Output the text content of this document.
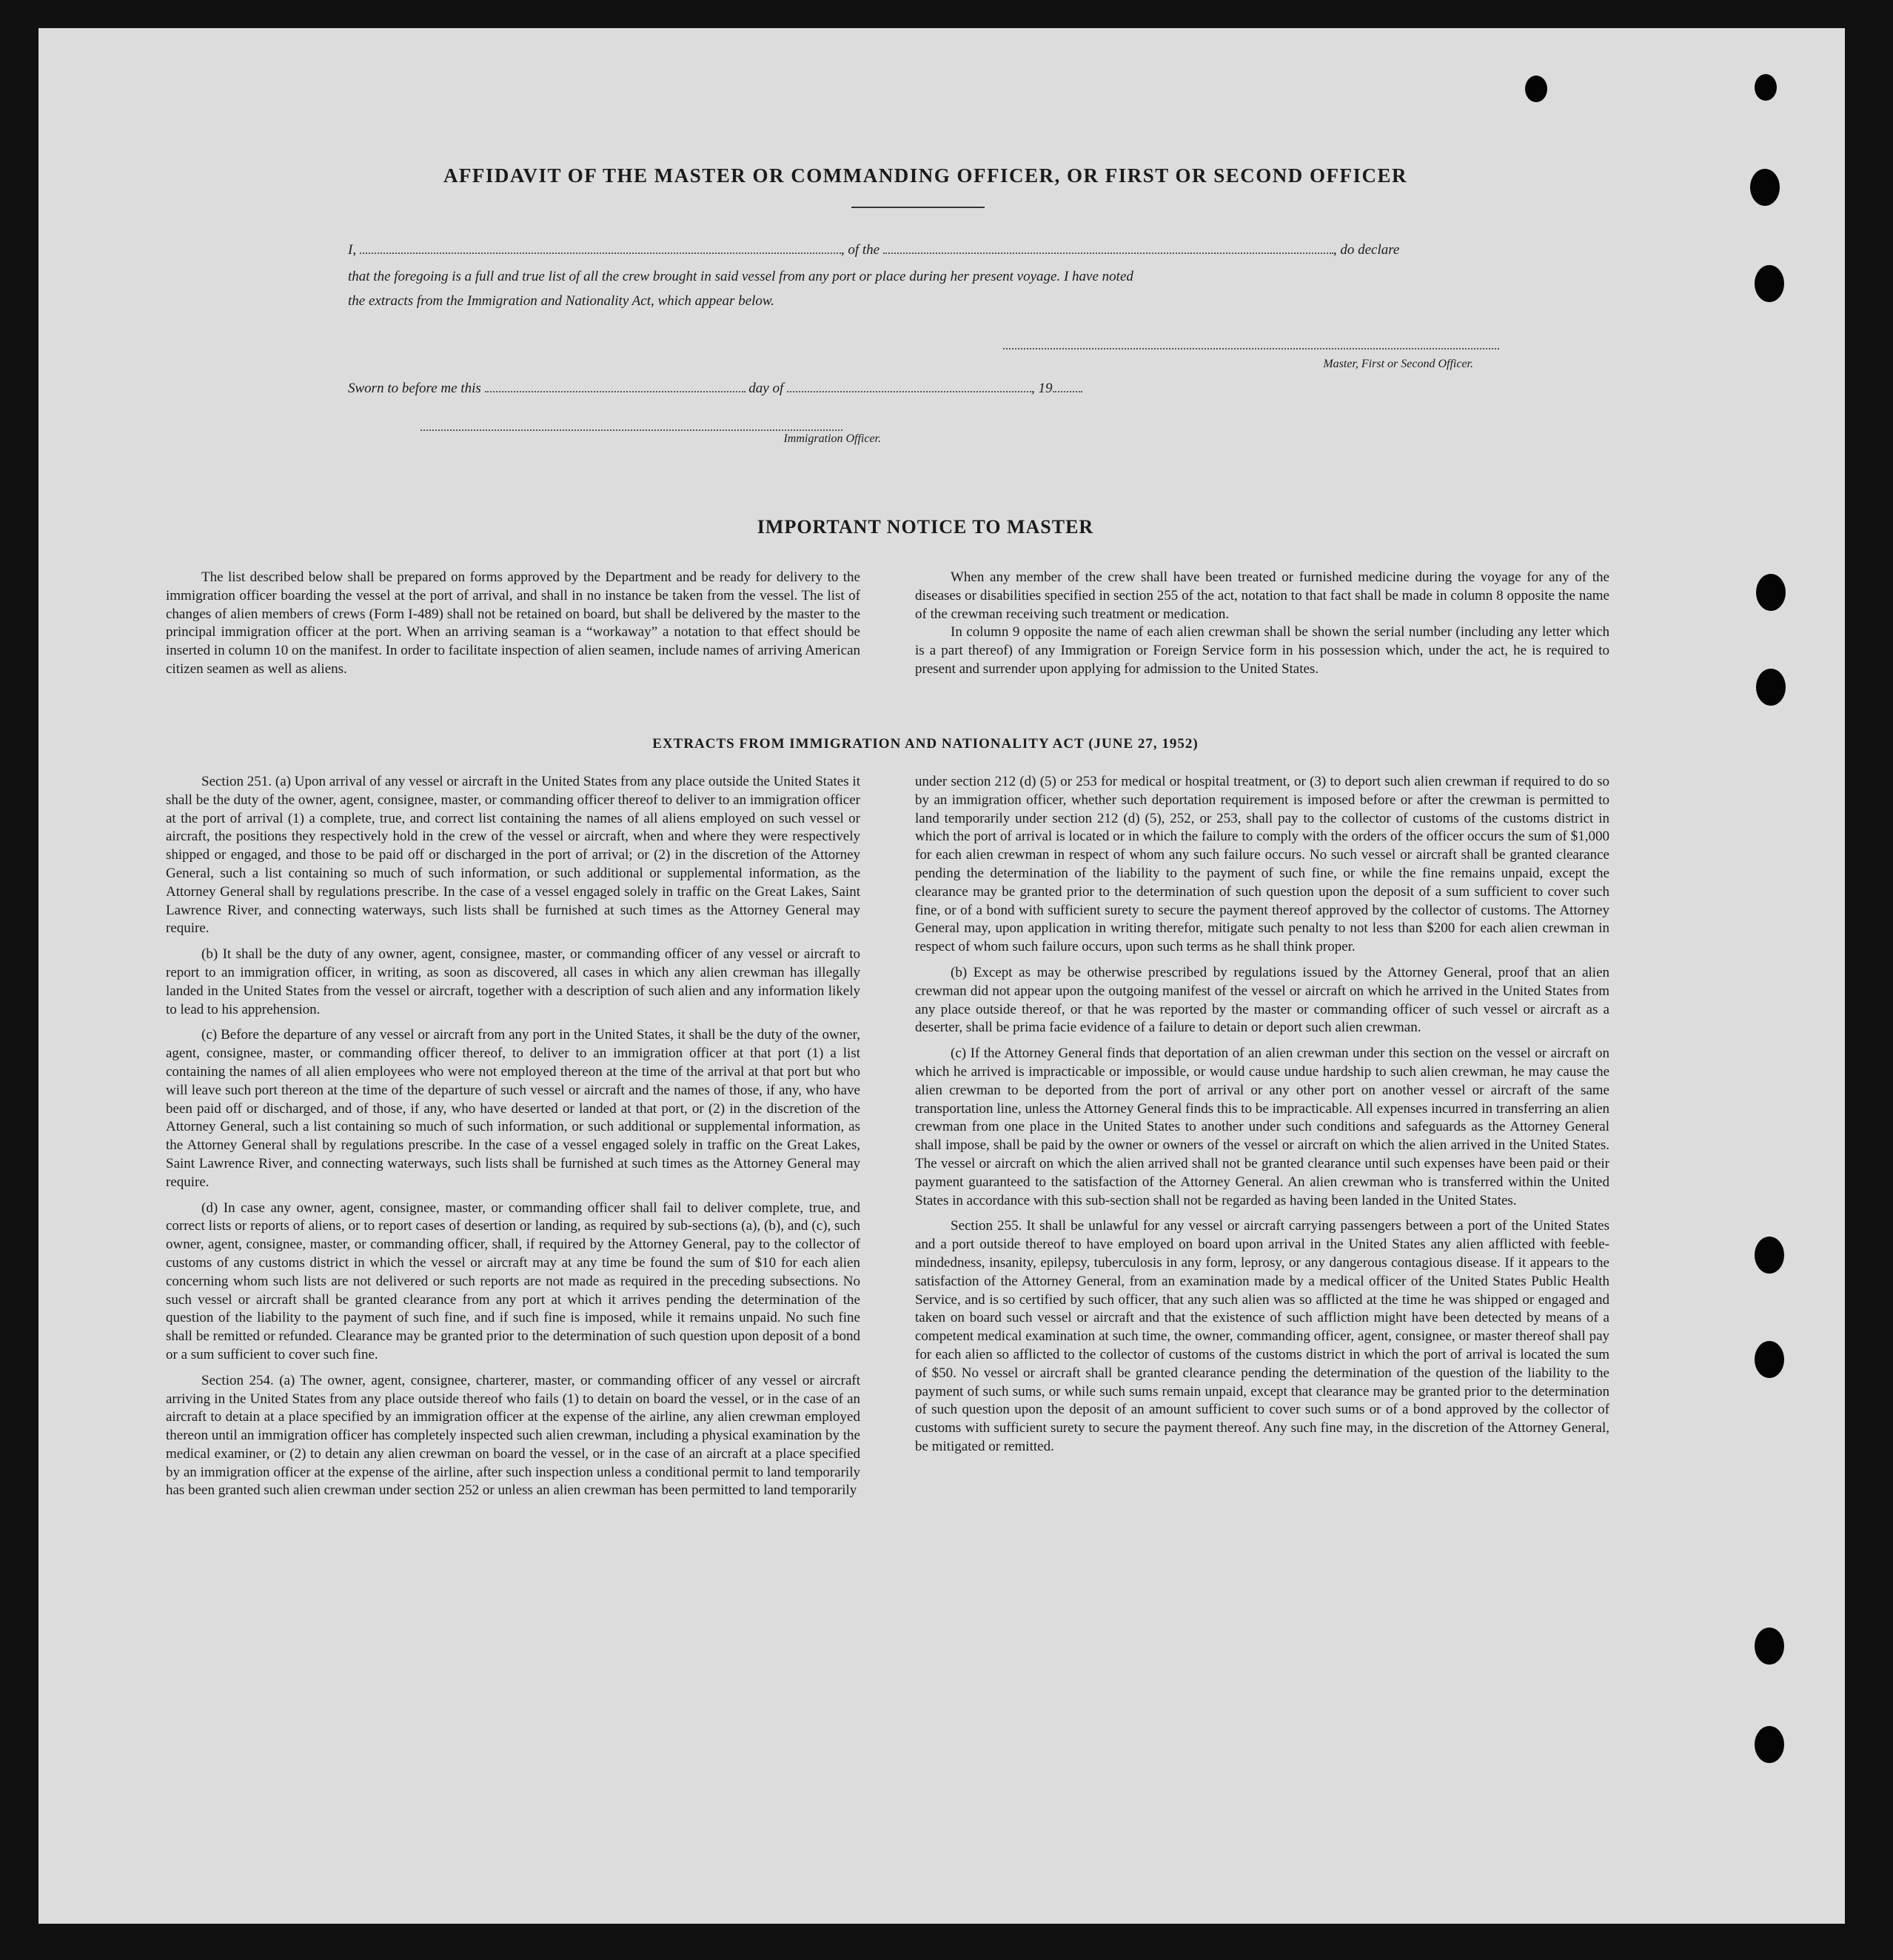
AFFIDAVIT OF THE MASTER OR COMMANDING OFFICER, OR FIRST OR SECOND OFFICER
I,	, of the	, do declare
that the foregoing is a full and true list of all the crew brought in said vessel from any port or place during her present voyage. I have noted
the extracts from the Immigration and Nationality Act, which appear below.
Master, First or Second Officer.
Sworn to before me this	day of	, 19
Immigration Officer.
IMPORTANT NOTICE TO MASTER

The list described below shall be prepared on forms approved by the Department and be ready for delivery to the immigration officer boarding the vessel at the port of arrival, and shall in no instance be taken from the vessel. The list of changes of alien members of crews (Form I-489) shall not be retained on board, but shall be delivered by the master to the principal immigration officer at the port. When an arriving seaman is a “workaway” a notation to that effect should be inserted in column 10 on the manifest. In order to facilitate inspection of alien seamen, include names of arriving American citizen seamen as well as aliens.

When any member of the crew shall have been treated or furnished medicine during the voyage for any of the diseases or disabilities specified in section 255 of the act, notation to that fact shall be made in column 8 opposite the name of the crewman receiving such treatment or medication.

In column 9 opposite the name of each alien crewman shall be shown the serial number (including any letter which is a part thereof) of any Immigration or Foreign Service form in his possession which, under the act, he is required to present and surrender upon applying for admission to the United States.

EXTRACTS FROM IMMIGRATION AND NATIONALITY ACT (JUNE 27, 1952)

Section 251. (a) Upon arrival of any vessel or aircraft in the United States from any place outside the United States it shall be the duty of the owner, agent, consignee, master, or commanding officer thereof to deliver to an immigration officer at the port of arrival (1) a complete, true, and correct list containing the names of all aliens employed on such vessel or aircraft, the positions they respectively hold in the crew of the vessel or aircraft, when and where they were respectively shipped or engaged, and those to be paid off or discharged in the port of arrival; or (2) in the discretion of the Attorney General, such a list containing so much of such information, or such additional or supplemental information, as the Attorney General shall by regulations prescribe. In the case of a vessel engaged solely in traffic on the Great Lakes, Saint Lawrence River, and connecting waterways, such lists shall be furnished at such times as the Attorney General may require.

(b) It shall be the duty of any owner, agent, consignee, master, or commanding officer of any vessel or aircraft to report to an immigration officer, in writing, as soon as discovered, all cases in which any alien crewman has illegally landed in the United States from the vessel or aircraft, together with a description of such alien and any information likely to lead to his apprehension.

(c) Before the departure of any vessel or aircraft from any port in the United States, it shall be the duty of the owner, agent, consignee, master, or commanding officer thereof, to deliver to an immigration officer at that port (1) a list containing the names of all alien employees who were not employed thereon at the time of the arrival at that port but who will leave such port thereon at the time of the departure of such vessel or aircraft and the names of those, if any, who have been paid off or discharged, and of those, if any, who have deserted or landed at that port, or (2) in the discretion of the Attorney General, such a list containing so much of such information, or such additional or supplemental information, as the Attorney General shall by regulations prescribe. In the case of a vessel engaged solely in traffic on the Great Lakes, Saint Lawrence River, and connecting waterways, such lists shall be furnished at such times as the Attorney General may require.

(d) In case any owner, agent, consignee, master, or commanding officer shall fail to deliver complete, true, and correct lists or reports of aliens, or to report cases of desertion or landing, as required by sub-sections (a), (b), and (c), such owner, agent, consignee, master, or commanding officer, shall, if required by the Attorney General, pay to the collector of customs of any customs district in which the vessel or aircraft may at any time be found the sum of $10 for each alien concerning whom such lists are not delivered or such reports are not made as required in the preceding subsections. No such vessel or aircraft shall be granted clearance from any port at which it arrives pending the determination of the question of the liability to the payment of such fine, and if such fine is imposed, while it remains unpaid. No such fine shall be remitted or refunded. Clearance may be granted prior to the determination of such question upon deposit of a bond or a sum sufficient to cover such fine.

Section 254. (a) The owner, agent, consignee, charterer, master, or commanding officer of any vessel or aircraft arriving in the United States from any place outside thereof who fails (1) to detain on board the vessel, or in the case of an aircraft to detain at a place specified by an immigration officer at the expense of the airline, any alien crewman employed thereon until an immigration officer has completely inspected such alien crewman, including a physical examination by the medical examiner, or (2) to detain any alien crewman on board the vessel, or in the case of an aircraft at a place specified by an immigration officer at the expense of the airline, after such inspection unless a conditional permit to land temporarily has been granted such alien crewman under section 252 or unless an alien crewman has been permitted to land temporarily

under section 212 (d) (5) or 253 for medical or hospital treatment, or (3) to deport such alien crewman if required to do so by an immigration officer, whether such deportation requirement is imposed before or after the crewman is permitted to land temporarily under section 212 (d) (5), 252, or 253, shall pay to the collector of customs of the customs district in which the port of arrival is located or in which the failure to comply with the orders of the officer occurs the sum of $1,000 for each alien crewman in respect of whom any such failure occurs. No such vessel or aircraft shall be granted clearance pending the determination of the liability to the payment of such fine, or while the fine remains unpaid, except the clearance may be granted prior to the determination of such question upon the deposit of a sum sufficient to cover such fine, or of a bond with sufficient surety to secure the payment thereof approved by the collector of customs. The Attorney General may, upon application in writing therefor, mitigate such penalty to not less than $200 for each alien crewman in respect of whom such failure occurs, upon such terms as he shall think proper.

(b) Except as may be otherwise prescribed by regulations issued by the Attorney General, proof that an alien crewman did not appear upon the outgoing manifest of the vessel or aircraft on which he arrived in the United States from any place outside thereof, or that he was reported by the master or commanding officer of such vessel or aircraft as a deserter, shall be prima facie evidence of a failure to detain or deport such alien crewman.

(c) If the Attorney General finds that deportation of an alien crewman under this section on the vessel or aircraft on which he arrived is impracticable or impossible, or would cause undue hardship to such alien crewman, he may cause the alien crewman to be deported from the port of arrival or any other port on another vessel or aircraft of the same transportation line, unless the Attorney General finds this to be impracticable. All expenses incurred in transferring an alien crewman from one place in the United States to another under such conditions and safeguards as the Attorney General shall impose, shall be paid by the owner or owners of the vessel or aircraft on which the alien arrived in the United States. The vessel or aircraft on which the alien arrived shall not be granted clearance until such expenses have been paid or their payment guaranteed to the satisfaction of the Attorney General. An alien crewman who is transferred within the United States in accordance with this sub-section shall not be regarded as having been landed in the United States.

Section 255. It shall be unlawful for any vessel or aircraft carrying passengers between a port of the United States and a port outside thereof to have employed on board upon arrival in the United States any alien afflicted with feeble-mindedness, insanity, epilepsy, tuberculosis in any form, leprosy, or any dangerous contagious disease. If it appears to the satisfaction of the Attorney General, from an examination made by a medical officer of the United States Public Health Service, and is so certified by such officer, that any such alien was so afflicted at the time he was shipped or engaged and taken on board such vessel or aircraft and that the existence of such affliction might have been detected by means of a competent medical examination at such time, the owner, commanding officer, agent, consignee, or master thereof shall pay for each alien so afflicted to the collector of customs of the customs district in which the port of arrival is located the sum of $50. No vessel or aircraft shall be granted clearance pending the determination of the question of the liability to the payment of such sums, or while such sums remain unpaid, except that clearance may be granted prior to the determination of such question upon the deposit of an amount sufficient to cover such sums or of a bond approved by the collector of customs with sufficient surety to secure the payment thereof. Any such fine may, in the discretion of the Attorney General, be mitigated or remitted.
